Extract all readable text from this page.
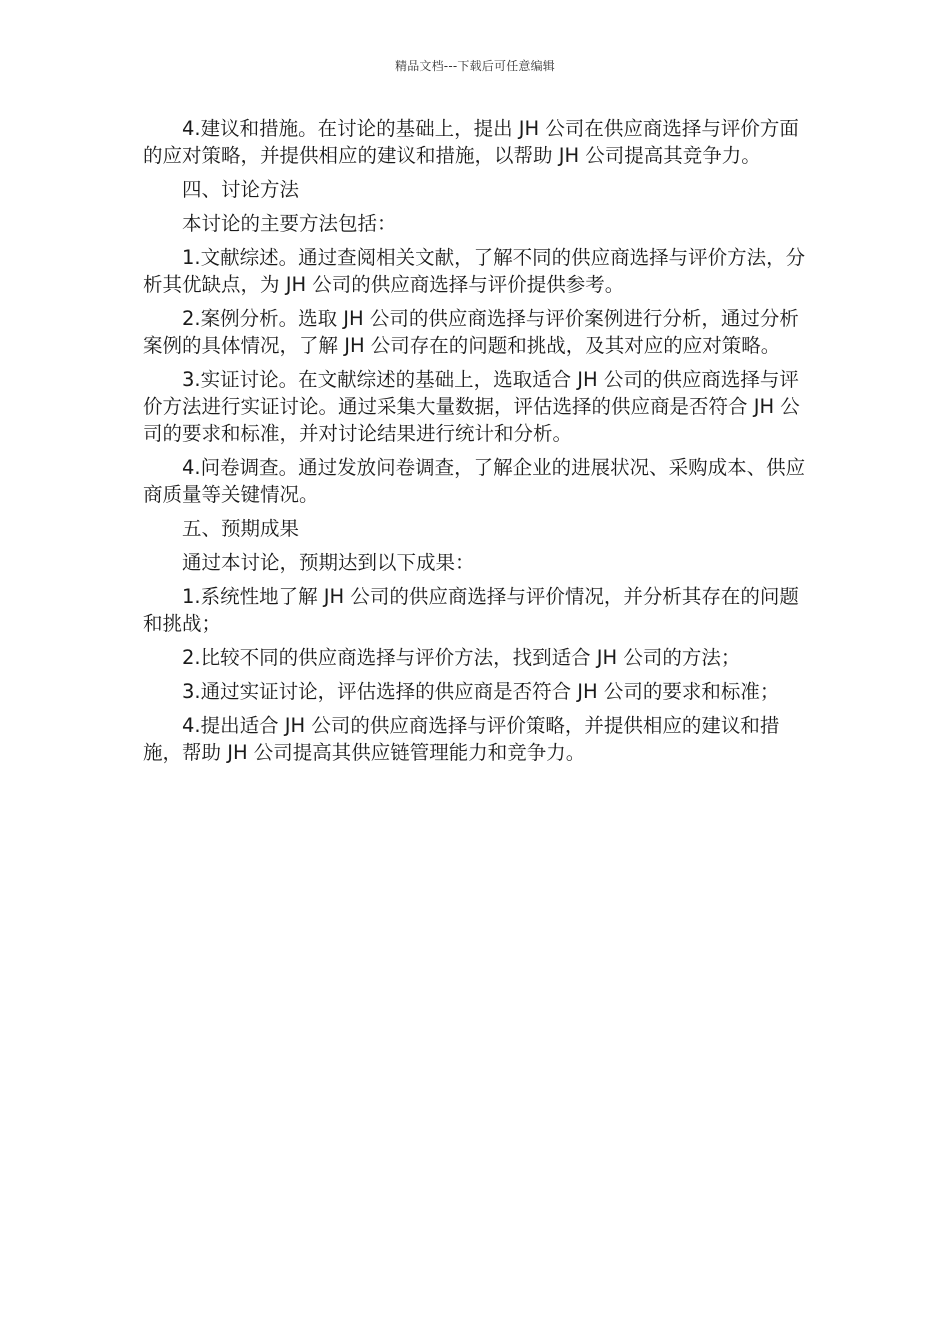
精品文档---下载后可任意编辑

4.建议和措施。在讨论的基础上，提出 JH 公司在供应商选择与评价方面的应对策略，并提供相应的建议和措施，以帮助 JH 公司提高其竞争力。

四、讨论方法

本讨论的主要方法包括：

1.文献综述。通过查阅相关文献，了解不同的供应商选择与评价方法，分析其优缺点，为 JH 公司的供应商选择与评价提供参考。

2.案例分析。选取 JH 公司的供应商选择与评价案例进行分析，通过分析案例的具体情况，了解 JH 公司存在的问题和挑战，及其对应的应对策略。

3.实证讨论。在文献综述的基础上，选取适合 JH 公司的供应商选择与评价方法进行实证讨论。通过采集大量数据，评估选择的供应商是否符合 JH 公司的要求和标准，并对讨论结果进行统计和分析。

4.问卷调查。通过发放问卷调查，了解企业的进展状况、采购成本、供应商质量等关键情况。

五、预期成果

通过本讨论，预期达到以下成果：

1.系统性地了解 JH 公司的供应商选择与评价情况，并分析其存在的问题和挑战；

2.比较不同的供应商选择与评价方法，找到适合 JH 公司的方法；

3.通过实证讨论，评估选择的供应商是否符合 JH 公司的要求和标准；

4.提出适合 JH 公司的供应商选择与评价策略，并提供相应的建议和措施，帮助 JH 公司提高其供应链管理能力和竞争力。
